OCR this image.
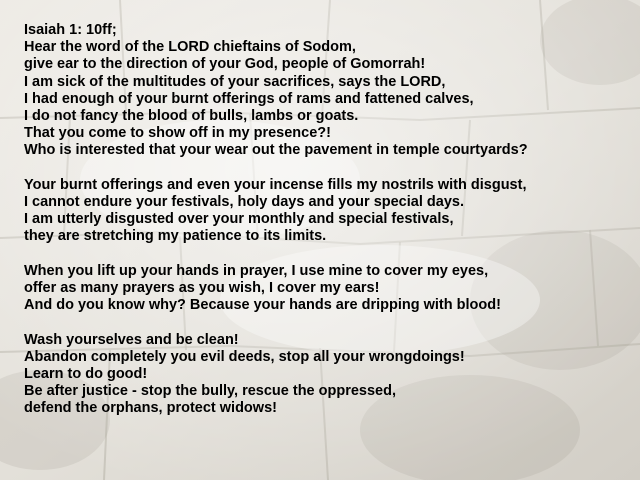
Isaiah 1: 10ff;
Hear the word of the LORD chieftains of Sodom,
give ear to the direction of your God, people of Gomorrah!
I am sick of the multitudes of your sacrifices, says the LORD,
I had enough of your burnt offerings of rams and fattened calves,
I do not fancy the blood of bulls, lambs or goats.
That you come to show off in my presence?!
Who is interested that your wear out the pavement in temple courtyards?
Your burnt offerings and even your incense fills my nostrils with disgust,
I cannot endure your festivals, holy days and your special days.
I am utterly disgusted over your monthly and special festivals,
they are stretching my patience to its limits.
When you lift up your hands in prayer, I use mine to cover my eyes,
offer as many prayers as you wish, I cover my ears!
And do you know why? Because your hands are dripping with blood!
Wash yourselves and be clean!
Abandon completely you evil deeds, stop all your wrongdoings!
Learn to do good!
Be after justice - stop the bully, rescue the oppressed,
defend the orphans, protect widows!
